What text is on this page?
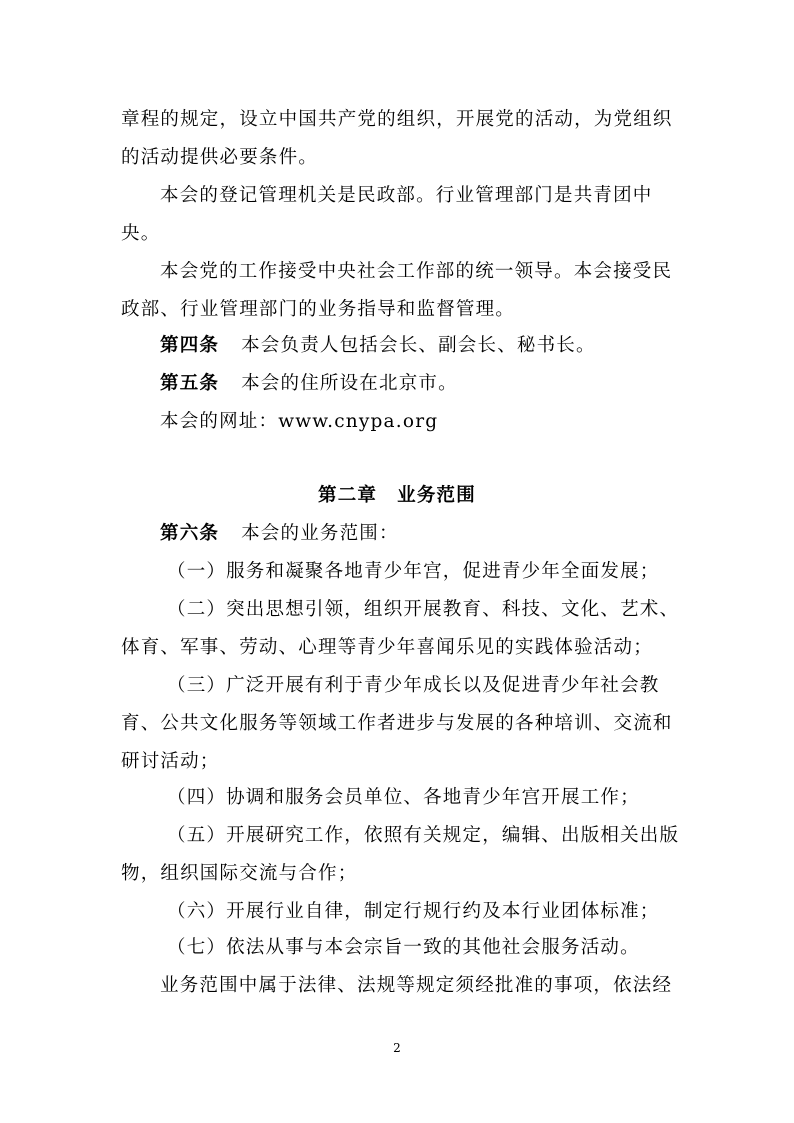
章程的规定，设立中国共产党的组织，开展党的活动，为党组织
的活动提供必要条件。
本会的登记管理机关是民政部。行业管理部门是共青团中
央。
本会党的工作接受中央社会工作部的统一领导。本会接受民
政部、行业管理部门的业务指导和监督管理。
第四条 本会负责人包括会长、副会长、秘书长。
第五条 本会的住所设在北京市。
本会的网址：www.cnypa.org
第二章 业务范围
第六条 本会的业务范围：
（一）服务和凝聚各地青少年宫，促进青少年全面发展；
（二）突出思想引领，组织开展教育、科技、文化、艺术、
体育、军事、劳动、心理等青少年喜闻乐见的实践体验活动；
（三）广泛开展有利于青少年成长以及促进青少年社会教
育、公共文化服务等领域工作者进步与发展的各种培训、交流和
研讨活动；
（四）协调和服务会员单位、各地青少年宫开展工作；
（五）开展研究工作，依照有关规定，编辑、出版相关出版
物，组织国际交流与合作；
（六）开展行业自律，制定行规行约及本行业团体标准；
（七）依法从事与本会宗旨一致的其他社会服务活动。
业务范围中属于法律、法规等规定须经批准的事项，依法经
2
